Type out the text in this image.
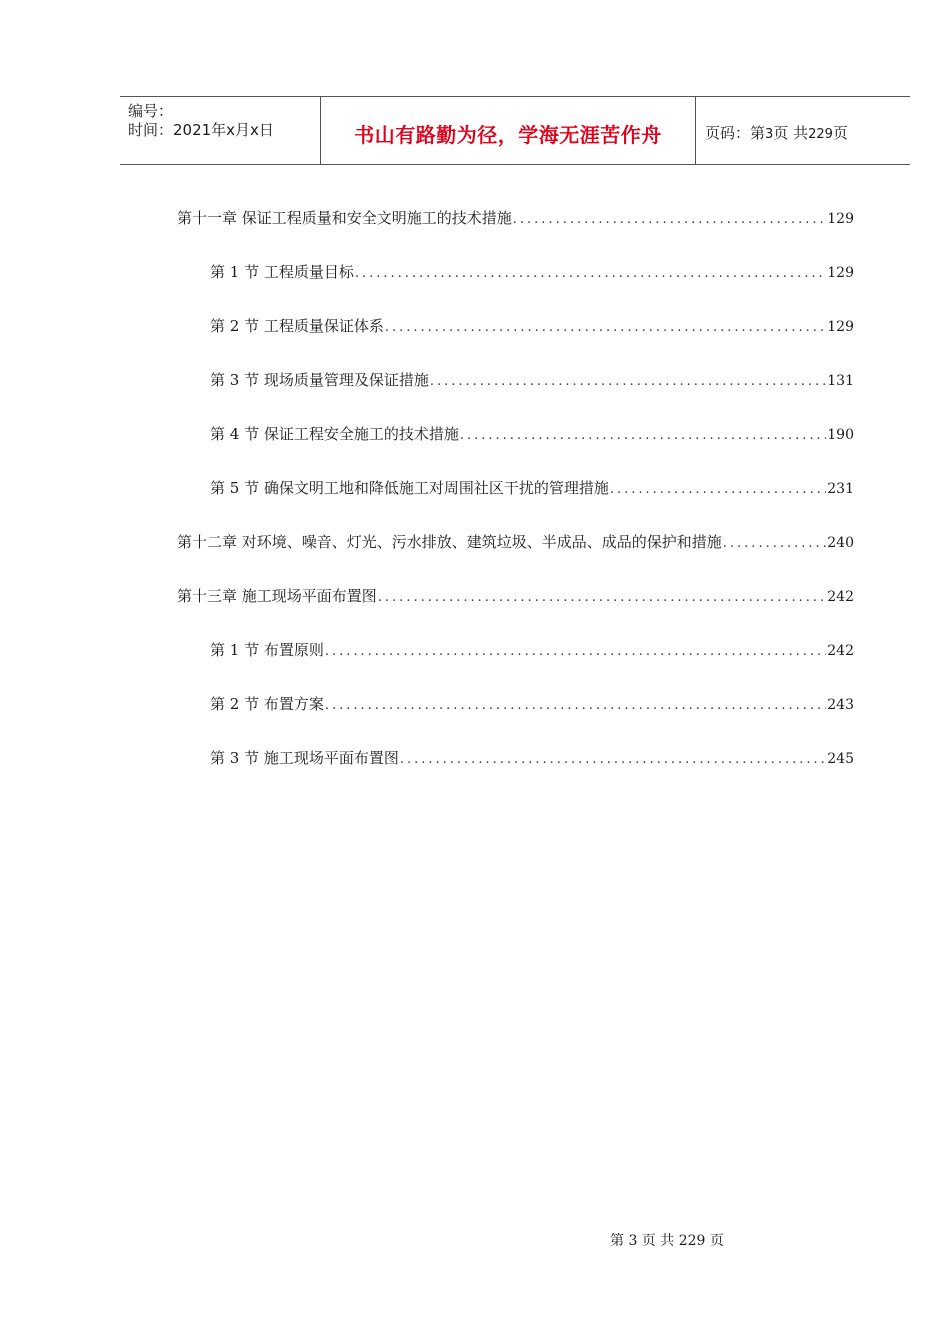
编号：
时间：2021年x月x日	书山有路勤为径，学海无涯苦作舟	页码：第3页 共229页
第十一章 保证工程质量和安全文明施工的技术措施 .....	129
第 1 节 工程质量目标 .....	129
第 2 节 工程质量保证体系 .....	129
第 3 节 现场质量管理及保证措施 .....	131
第 4 节 保证工程安全施工的技术措施 .....	190
第 5 节 确保文明工地和降低施工对周围社区干扰的管理措施 .....	231
第十二章 对环境、噪音、灯光、污水排放、建筑垃圾、半成品、成品的保护和措施 .....	240
第十三章 施工现场平面布置图 .....	242
第 1 节 布置原则 .....	242
第 2 节 布置方案 .....	243
第 3 节 施工现场平面布置图 .....	245
第 3 页 共 229 页
